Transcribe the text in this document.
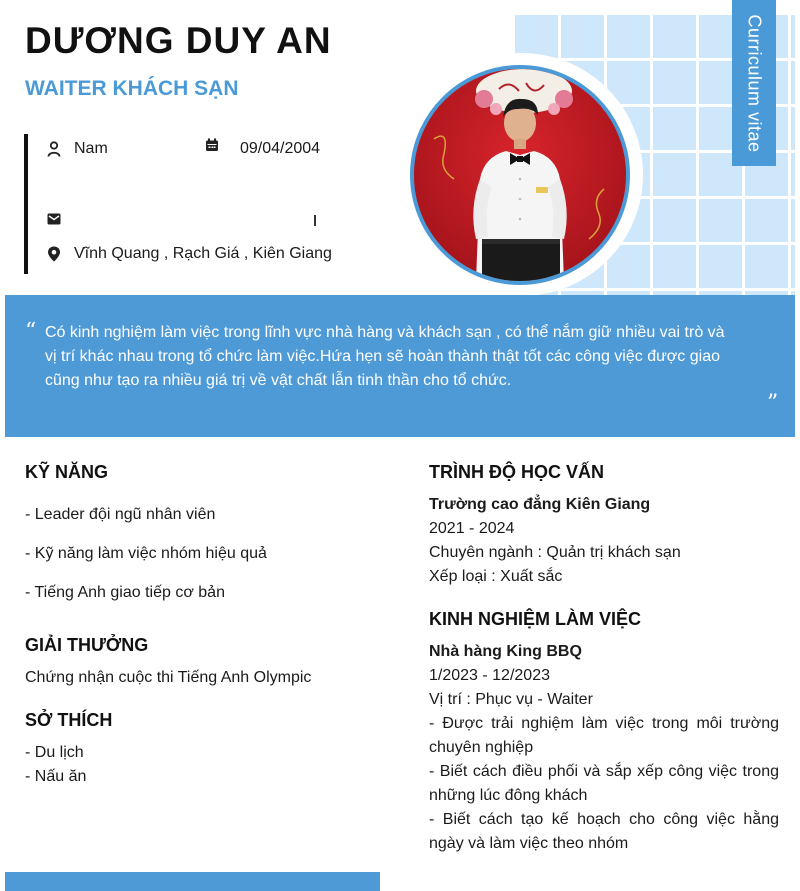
Curriculum vitae
DƯƠNG DUY AN
WAITER KHÁCH SẠN
Nam	09/04/2004
Vĩnh Quang , Rạch Giá , Kiên Giang
“ Có kinh nghiệm làm việc trong lĩnh vực nhà hàng và khách sạn , có thể nắm giữ nhiều vai trò và
vị trí khác nhau trong tổ chức làm việc.Hứa hẹn sẽ hoàn thành thật tốt các công việc được giao
cũng như tạo ra nhiều giá trị về vật chất lẫn tinh thần cho tổ chức.
”
KỸ NĂNG
- Leader đội ngũ nhân viên
- Kỹ năng làm việc nhóm hiệu quả
- Tiếng Anh giao tiếp cơ bản
GIẢI THƯỞNG
Chứng nhận cuộc thi Tiếng Anh Olympic
SỞ THÍCH
- Du lịch
- Nấu ăn
TRÌNH ĐỘ HỌC VẤN
Trường cao đẳng Kiên Giang
2021 - 2024
Chuyên ngành : Quản trị khách sạn
Xếp loại : Xuất sắc
KINH NGHIỆM LÀM VIỆC
Nhà hàng King BBQ
1/2023 - 12/2023
Vị trí : Phục vụ - Waiter
- Được trải nghiệm làm việc trong môi trường chuyên nghiệp
- Biết cách điều phối và sắp xếp công việc trong những lúc đông khách
- Biết cách tạo kế hoạch cho công việc hằng ngày và làm việc theo nhóm
